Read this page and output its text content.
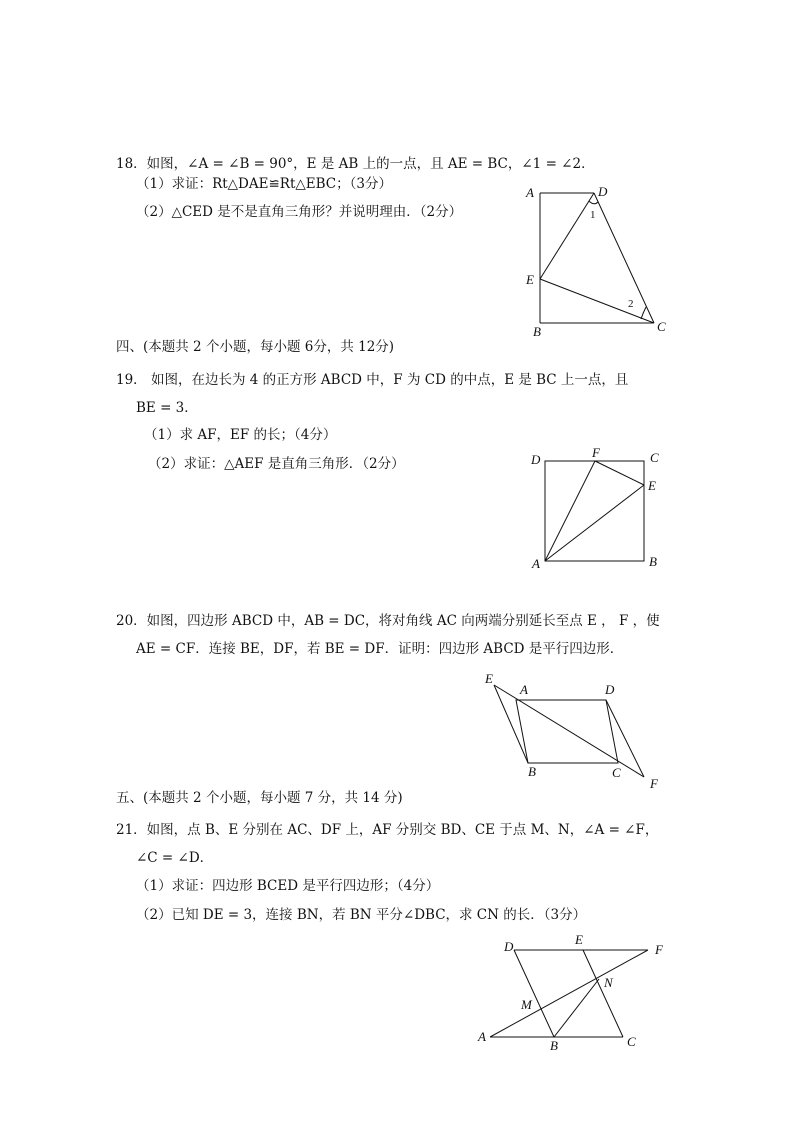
18．如图，∠A = ∠B = 90°，E 是 AB 上的一点，且 AE = BC，∠1 = ∠2．
（1）求证：Rt△DAE≌Rt△EBC；（3分）
（2）△CED 是不是直角三角形？并说明理由．（2分）
A	D
E
B	C
1
2
四、(本题共 2 个小题，每小题 6分，共 12分)
19． 如图，在边长为 4 的正方形 ABCD 中，F 为 CD 的中点，E 是 BC 上一点，且
BE = 3．
（1）求 AF，EF 的长；（4分）
（2）求证：△AEF 是直角三角形．（2分）	D	F	C
E
A	B
20．如图，四边形 ABCD 中，AB = DC，将对角线 AC 向两端分别延长至点 E ， F ，使
AE = CF．连接 BE，DF，若 BE = DF．证明：四边形 ABCD 是平行四边形．
E
A	D
B	C
F
五、(本题共 2 个小题，每小题 7 分，共 14 分)
21．如图，点 B、E 分别在 AC、DF 上，AF 分别交 BD、CE 于点 M、N，∠A = ∠F，
∠C = ∠D．
（1）求证：四边形 BCED 是平行四边形；（4分）
（2）已知 DE = 3，连接 BN，若 BN 平分∠DBC，求 CN 的长．（3分）
D	E
F
M
N
A
B	C
